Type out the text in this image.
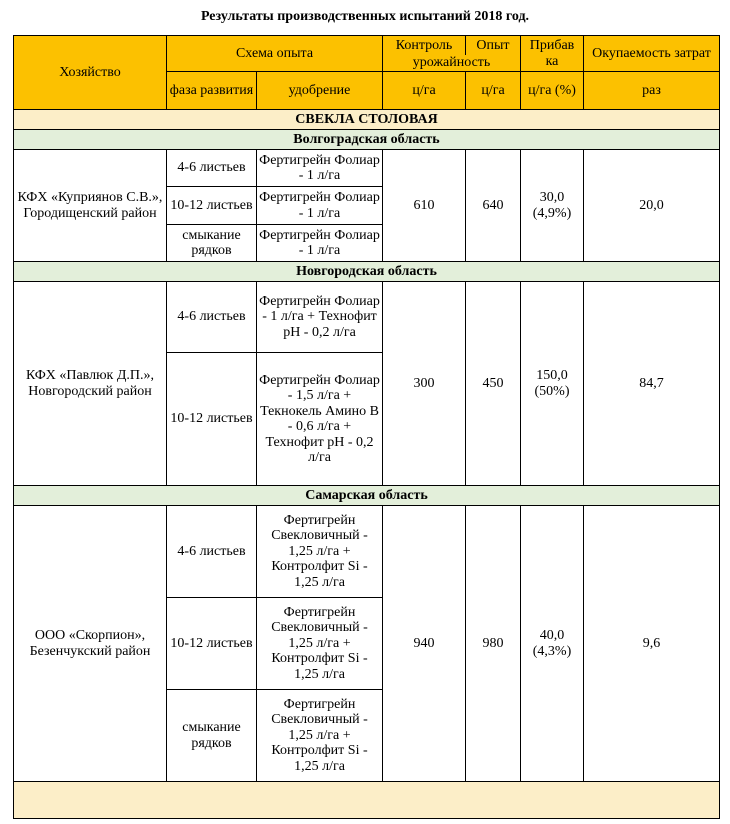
Результаты производственных испытаний 2018 год.
Хозяйство	Схема опыта		Контроль	Опыт	Прибав ка	Окупаемость затрат
			урожайность			
	фаза развития	удобрение	ц/га	ц/га	ц/га (%)	раз
СВЕКЛА СТОЛОВАЯ						
Волгоградская область						
КФХ «Куприянов С.В.», Городищенский район	4-6 листьев	Фертигрейн Фолиар - 1 л/га	610	640	30,0 (4,9%)	20,0
	10-12 листьев	Фертигрейн Фолиар - 1 л/га				
	смыкание рядков	Фертигрейн Фолиар - 1 л/га				
Новгородская область						
КФХ «Павлюк Д.П.», Новгородский район	4-6 листьев	Фертигрейн Фолиар - 1 л/га + Технофит рН - 0,2 л/га	300	450	150,0 (50%)	84,7
	10-12 листьев	Фертигрейн Фолиар - 1,5 л/га + Текнокель Амино В - 0,6 л/га + Технофит рН - 0,2 л/га				
Самарская область						
ООО «Скорпион», Безенчукский район	4-6 листьев	Фертигрейн Свекловичный - 1,25 л/га + Контролфит Si - 1,25 л/га	940	980	40,0 (4,3%)	9,6
	10-12 листьев	Фертигрейн Свекловичный - 1,25 л/га + Контролфит Si - 1,25 л/га				
	смыкание рядков	Фертигрейн Свекловичный - 1,25 л/га + Контролфит Si - 1,25 л/га				
